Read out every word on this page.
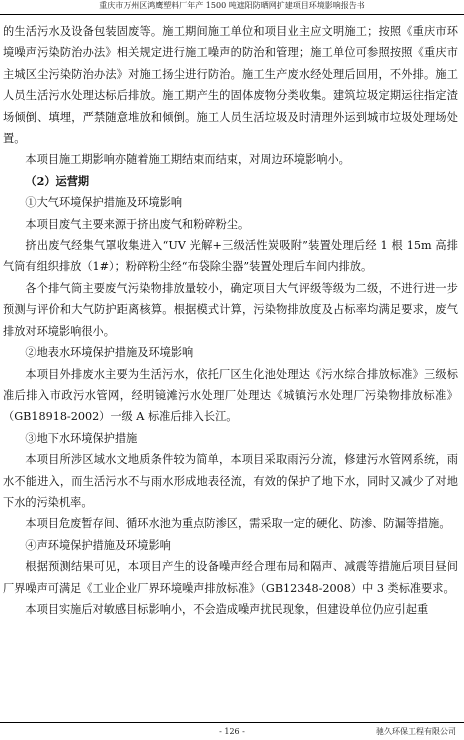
重庆市万州区鸿鹰塑料厂年产 1500 吨遮阳防晒网扩建项目环境影响报告书

的生活污水及设备包装固废等。施工期间施工单位和项目业主应文明施工；按照《重庆市环境噪声污染防治办法》相关规定进行施工噪声的防治和管理；施工单位可参照按照《重庆市主城区尘污染防治办法》对施工扬尘进行防治。施工生产废水经处理后回用，不外排。施工人员生活污水处理达标后排放。施工期产生的固体废物分类收集。建筑垃圾定期运往指定渣场倾倒、填埋，严禁随意堆放和倾倒。施工人员生活垃圾及时清理外运到城市垃圾处理场处置。

本项目施工期影响亦随着施工期结束而结束，对周边环境影响小。

（2）运营期

①大气环境保护措施及环境影响

本项目废气主要来源于挤出废气和粉碎粉尘。

挤出废气经集气罩收集进入“UV 光解+三级活性炭吸附”装置处理后经 1 根 15m 高排气筒有组织排放（1#）；粉碎粉尘经“布袋除尘器”装置处理后车间内排放。

各个排气筒主要废气污染物排放量较小，确定项目大气评级等级为二级，不进行进一步预测与评价和大气防护距离核算。根据模式计算，污染物排放度及占标率均满足要求，废气排放对环境影响很小。

②地表水环境保护措施及环境影响

本项目外排废水主要为生活污水，依托厂区生化池处理达《污水综合排放标准》三级标准后排入市政污水管网，经明镜滩污水处理厂处理达《城镇污水处理厂污染物排放标准》（GB18918-2002）一级 A 标准后排入长江。

③地下水环境保护措施

本项目所涉区域水文地质条件较为简单，本项目采取雨污分流，修建污水管网系统，雨水不能进入，而生活污水不与雨水形成地表径流，有效的保护了地下水，同时又减少了对地下水的污染机率。

本项目危废暂存间、循环水池为重点防渗区，需采取一定的硬化、防渗、防漏等措施。

④声环境保护措施及环境影响

根据预测结果可见，本项目产生的设备噪声经合理布局和隔声、减震等措施后项目昼间厂界噪声可满足《工业企业厂界环境噪声排放标准》（GB12348-2008）中 3 类标准要求。

本项目实施后对敏感目标影响小，不会造成噪声扰民现象，但建设单位仍应引起重

- 126 -	驰久环保工程有限公司
